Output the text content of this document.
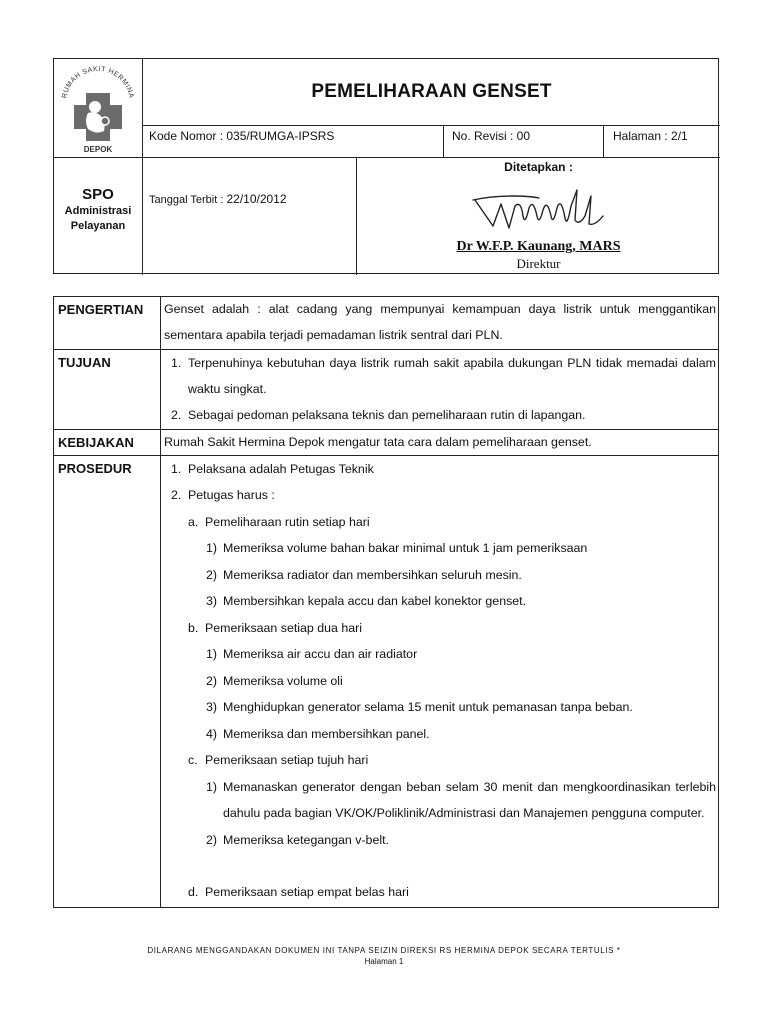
RUMAH SAKIT HERMINA
DEPOK
PEMELIHARAAN GENSET
Kode Nomor : 035/RUMGA-IPSRS	No. Revisi : 00	Halaman : 2/1
SPO
Administrasi
Pelayanan
Tanggal Terbit : 22/10/2012
Ditetapkan :
Dr W.F.P. Kaunang, MARS
Direktur
PENGERTIAN	Genset adalah : alat cadang yang mempunyai kemampuan daya listrik untuk menggantikan
sementara apabila terjadi pemadaman listrik sentral dari PLN.
TUJUAN	1. Terpenuhinya kebutuhan daya listrik rumah sakit apabila dukungan PLN tidak memadai dalam
waktu singkat.
2. Sebagai pedoman pelaksana teknis dan pemeliharaan rutin di lapangan.
KEBIJAKAN	Rumah Sakit Hermina Depok mengatur tata cara dalam pemeliharaan genset.
PROSEDUR	1. Pelaksana adalah Petugas Teknik
2. Petugas harus :
a. Pemeliharaan rutin setiap hari
1) Memeriksa volume bahan bakar minimal untuk 1 jam pemeriksaan
2) Memeriksa radiator dan membersihkan seluruh mesin.
3) Membersihkan kepala accu dan kabel konektor genset.
b. Pemeriksaan setiap dua hari
1) Memeriksa air accu dan air radiator
2) Memeriksa volume oli
3) Menghidupkan generator selama 15 menit untuk pemanasan tanpa beban.
4) Memeriksa dan membersihkan panel.
c. Pemeriksaan setiap tujuh hari
1) Memanaskan generator dengan beban selam 30 menit dan mengkoordinasikan terlebih
dahulu pada bagian VK/OK/Poliklinik/Administrasi dan Manajemen pengguna computer.
2) Memeriksa ketegangan v-belt.
d. Pemeriksaan setiap empat belas hari
DILARANG MENGGANDAKAN DOKUMEN INI TANPA SEIZIN DIREKSI RS HERMINA DEPOK SECARA TERTULIS *
Halaman 1
